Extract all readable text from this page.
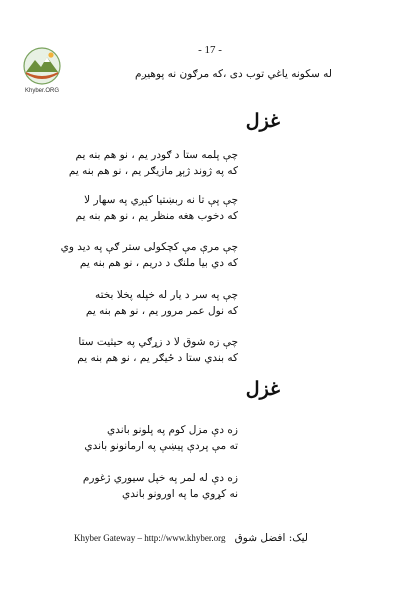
- 17 -
Khyber.ORG
له سکونه ياغي توب دی ،که مرګون نه پوهيږم
غزل
چې پلمه ستا د ګودر يم ، نو هم بنه يم
که په ژوند ژېړ مازيګر يم ، نو هم بنه يم
چې پې تا نه ربښتيا کېږي په سهار لا
که دخوب هغه منظر يم ، نو هم بنه يم
چې مرې مې کچکولی ستر ګې په ديد وي
که دي بيا ملنګ د دريم ، نو هم بنه يم
چې په سر د يار له خپله پخلا بخته
که نول عمر مرور يم ، نو هم بنه يم
چې زه شوق لا د زړګي په حيثيت ستا
که بندي ستا د ځيګر يم ، نو هم بنه يم
غزل
زه دې مزل کوم په پلونو باندي
ته مې پردې پيښې په ارمانونو باندي
زه دې له لمر په خپل سيوري ژغورم
نه کړوي ما په اورونو باندي
ليک: افضل شوق
Khyber Gateway – http://www.khyber.org
